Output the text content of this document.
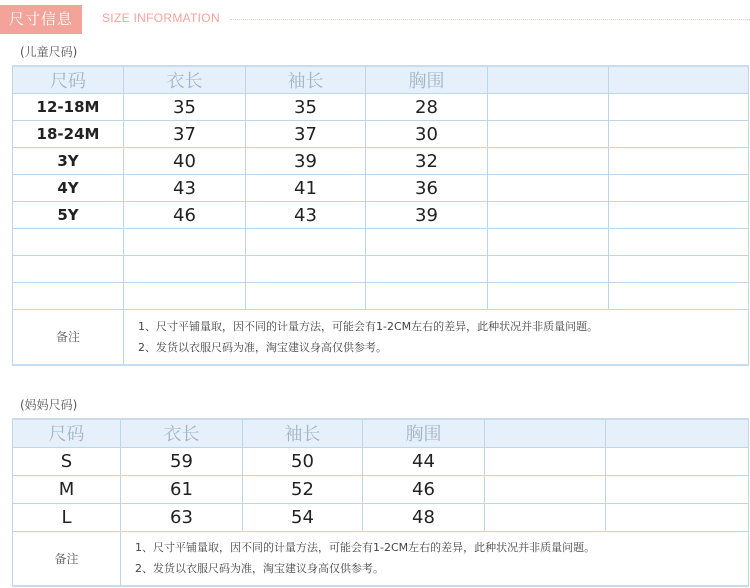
尺寸信息	SIZE INFORMATION
(儿童尺码)
尺码	衣长	袖长	胸围		
12-18M	35	35	28		
18-24M	37	37	30		
3Y	40	39	32		
4Y	43	41	36		
5Y	46	43	39		

备注	1、尺寸平铺量取，因不同的计量方法，可能会有1-2CM左右的差异，此种状况并非质量问题。
2、发货以衣服尺码为准，淘宝建议身高仅供参考。				
(妈妈尺码)
尺码	衣长	袖长	胸围		
S	59	50	44		
M	61	52	46		
L	63	54	48		
备注	1、尺寸平铺量取，因不同的计量方法，可能会有1-2CM左右的差异，此种状况并非质量问题。
2、发货以衣服尺码为准，淘宝建议身高仅供参考。				
